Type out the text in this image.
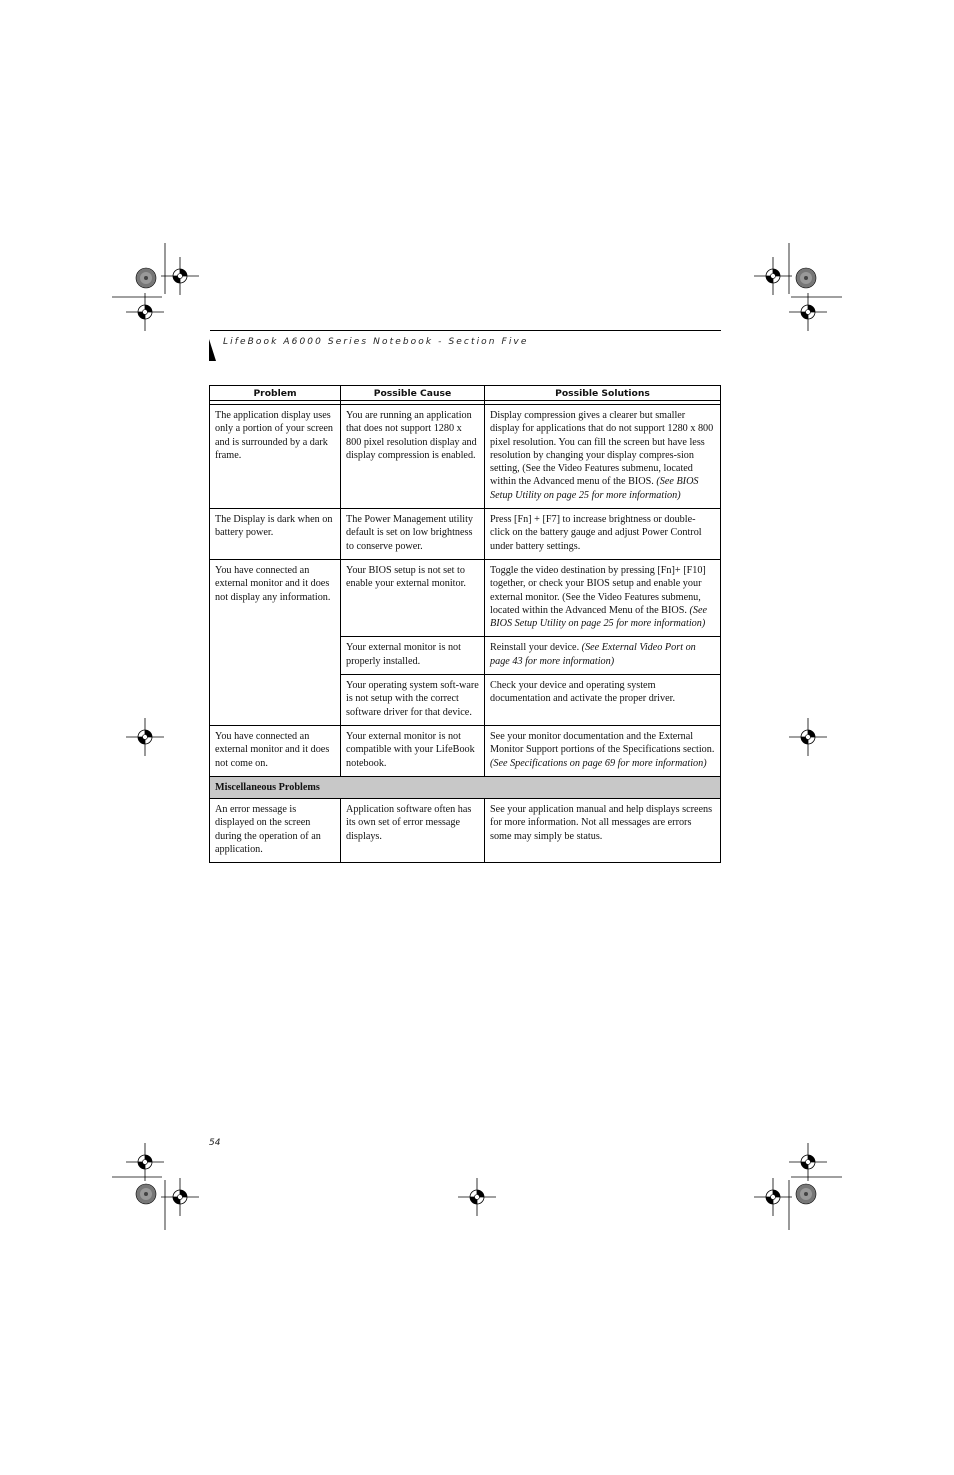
LifeBook A6000 Series Notebook - Section Five
Problem	Possible Cause	Possible Solutions

The application display uses only a portion of your screen and is surrounded by a dark frame.	You are running an application that does not support 1280 x 800 pixel resolution display and display compression is enabled.	Display compression gives a clearer but smaller display for applications that do not support 1280 x 800 pixel resolution. You can fill the screen but have less resolution by changing your display compres-sion setting, (See the Video Features submenu, located within the Advanced menu of the BIOS. (See BIOS Setup Utility on page 25 for more information)
The Display is dark when on battery power.	The Power Management utility default is set on low brightness to conserve power.	Press [Fn] + [F7] to increase brightness or double-click on the battery gauge and adjust Power Control under battery settings.
You have connected an external monitor and it does not display any information.	Your BIOS setup is not set to enable your external monitor.	Toggle the video destination by pressing [Fn]+ [F10] together, or check your BIOS setup and enable your external monitor. (See the Video Features submenu, located within the Advanced Menu of the BIOS. (See BIOS Setup Utility on page 25 for more information)
	Your external monitor is not properly installed.	Reinstall your device. (See External Video Port on page 43 for more information)
	Your operating system soft-ware is not setup with the correct software driver for that device.	Check your device and operating system documentation and activate the proper driver.
You have connected an external monitor and it does not come on.	Your external monitor is not compatible with your LifeBook notebook.	See your monitor documentation and the External Monitor Support portions of the Specifications section. (See Specifications on page 69 for more information)
Miscellaneous Problems		
An error message is displayed on the screen during the operation of an application.	Application software often has its own set of error message displays.	See your application manual and help displays screens for more information. Not all messages are errors some may simply be status.
54
